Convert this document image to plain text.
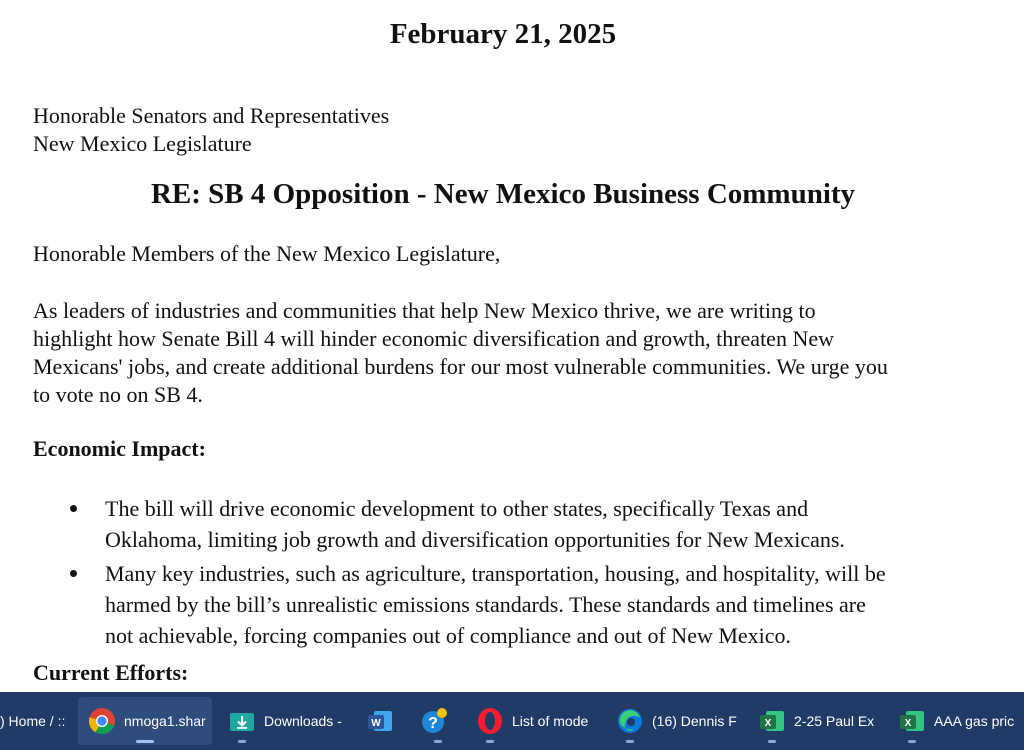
February 21, 2025
Honorable Senators and Representatives
New Mexico Legislature
RE: SB 4 Opposition - New Mexico Business Community
Honorable Members of the New Mexico Legislature,
As leaders of industries and communities that help New Mexico thrive, we are writing to
highlight how Senate Bill 4 will hinder economic diversification and growth, threaten New
Mexicans' jobs, and create additional burdens for our most vulnerable communities. We urge you
to vote no on SB 4.
Economic Impact:
The bill will drive economic development to other states, specifically Texas and
Oklahoma, limiting job growth and diversification opportunities for New Mexicans.
Many key industries, such as agriculture, transportation, housing, and hospitality, will be
harmed by the bill’s unrealistic emissions standards. These standards and timelines are
not achievable, forcing companies out of compliance and out of New Mexico.
Current Efforts:
) Home / ::	nmoga1.shar	Downloads -	W	?	List of mode	(16) Dennis F	X 2-25 Paul Ex	X AAA gas pric
